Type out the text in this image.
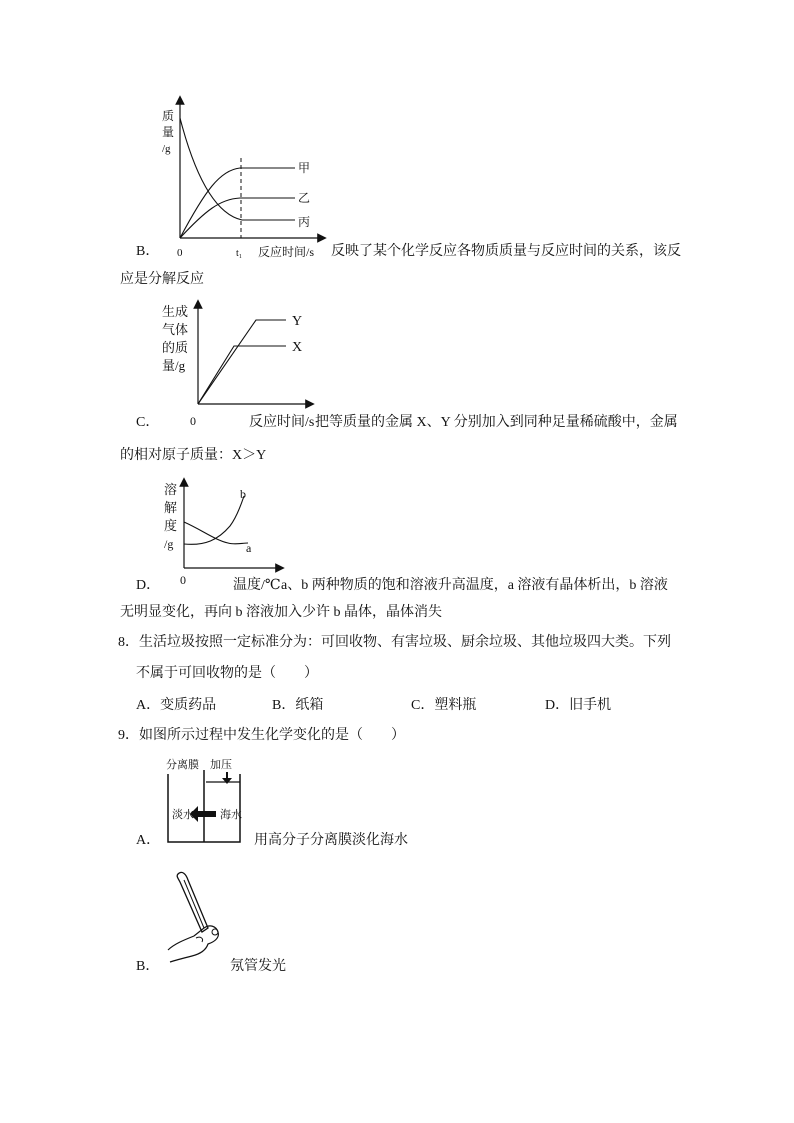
质
量
/g
甲
乙
丙
0	t₁ 反应时间/s
B．	反映了某个化学反应各物质质量与反应时间的关系，该反
应是分解反应
生成
气体
的质
量/g
Y
X
0
C．	反应时间/s 把等质量的金属 X、Y 分别加入到同种足量稀硫酸中，金属
的相对原子质量：X＞Y
溶
解
度
/g
b
a
0
D．	温度/℃ a、b 两种物质的饱和溶液升高温度，a 溶液有晶体析出，b 溶液
无明显变化，再向 b 溶液加入少许 b 晶体，晶体消失
8．生活垃圾按照一定标准分为：可回收物、有害垃圾、厨余垃圾、其他垃圾四大类。下列
不属于可回收物的是（　　）
A．变质药品	B．纸箱	C．塑料瓶	D．旧手机
9．如图所示过程中发生化学变化的是（　　）
分离膜 加压
淡水 海水
A．	用高分子分离膜淡化海水
B．	氖管发光
